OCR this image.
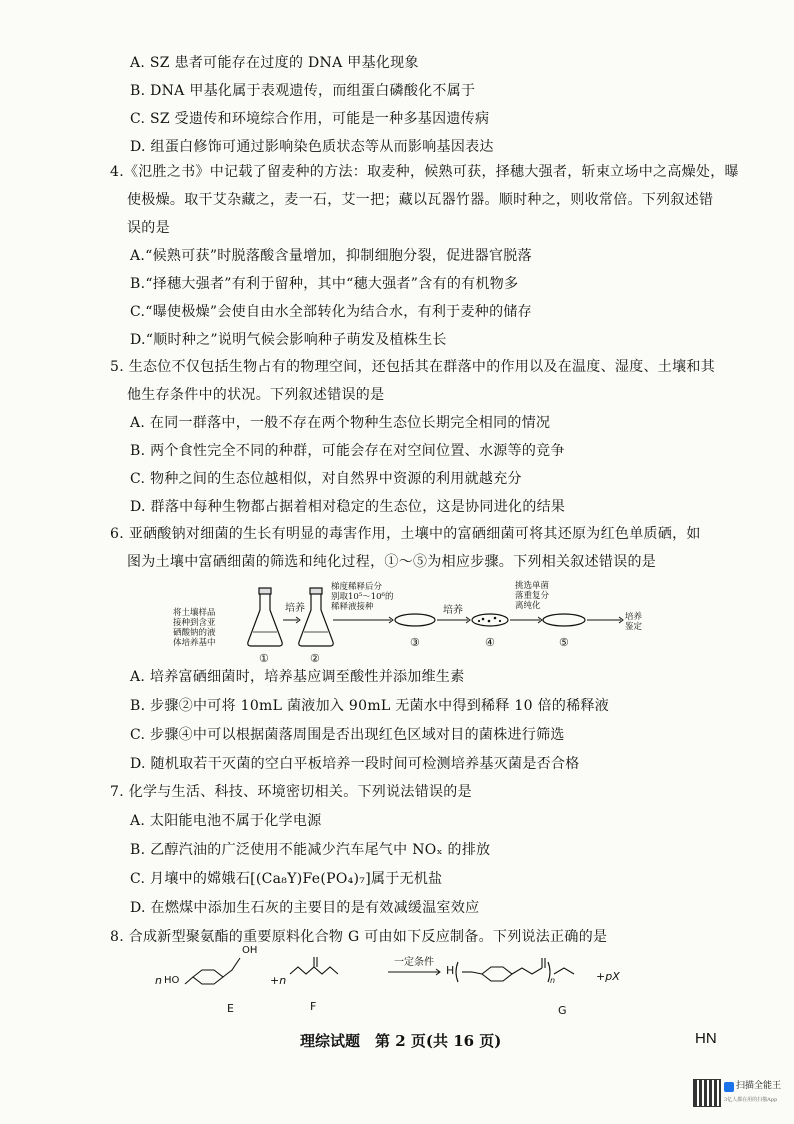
A. SZ 患者可能存在过度的 DNA 甲基化现象
B. DNA 甲基化属于表观遗传，而组蛋白磷酸化不属于
C. SZ 受遗传和环境综合作用，可能是一种多基因遗传病
D. 组蛋白修饰可通过影响染色质状态等从而影响基因表达
4.《氾胜之书》中记载了留麦种的方法：取麦种，候熟可获，择穗大强者，斩束立场中之高燥处，曝
使极燥。取干艾杂藏之，麦一石，艾一把；藏以瓦器竹器。顺时种之，则收常倍。下列叙述错
误的是
A.“候熟可获”时脱落酸含量增加，抑制细胞分裂，促进器官脱落
B.“择穗大强者”有利于留种，其中“穗大强者”含有的有机物多
C.“曝使极燥”会使自由水全部转化为结合水，有利于麦种的储存
D.“顺时种之”说明气候会影响种子萌发及植株生长
5. 生态位不仅包括生物占有的物理空间，还包括其在群落中的作用以及在温度、湿度、土壤和其
他生存条件中的状况。下列叙述错误的是
A. 在同一群落中，一般不存在两个物种生态位长期完全相同的情况
B. 两个食性完全不同的种群，可能会存在对空间位置、水源等的竞争
C. 物种之间的生态位越相似，对自然界中资源的利用就越充分
D. 群落中每种生物都占据着相对稳定的生态位，这是协同进化的结果
6. 亚硒酸钠对细菌的生长有明显的毒害作用，土壤中的富硒细菌可将其还原为红色单质硒，如
图为土壤中富硒细菌的筛选和纯化过程，①～⑤为相应步骤。下列相关叙述错误的是
将土壤样品
接种到含亚
硒酸钠的液
体培养基中
培养
梯度稀释后分
别取10⁵～10⁶的
稀释液接种	培养
挑选单菌
落重复分
离纯化
培养
鉴定
①	②
③	④	⑤
A. 培养富硒细菌时，培养基应调至酸性并添加维生素
B. 步骤②中可将 10mL 菌液加入 90mL 无菌水中得到稀释 10 倍的稀释液
C. 步骤④中可以根据菌落周围是否出现红色区域对目的菌株进行筛选
D. 随机取若干灭菌的空白平板培养一段时间可检测培养基灭菌是否合格
7. 化学与生活、科技、环境密切相关。下列说法错误的是
A. 太阳能电池不属于化学电源
B. 乙醇汽油的广泛使用不能减少汽车尾气中 NOₓ 的排放
C. 月壤中的嫦娥石[(Ca₈Y)Fe(PO₄)₇]属于无机盐
D. 在燃煤中添加生石灰的主要目的是有效减缓温室效应
8. 合成新型聚氨酯的重要原料化合物 G 可由如下反应制备。下列说法正确的是
n HO
OH
+n
一定条件
H
n	+pX
E	F	G
理综试题　第 2 页(共 16 页)	HN
扫描全能王
3亿人都在用的扫描App
